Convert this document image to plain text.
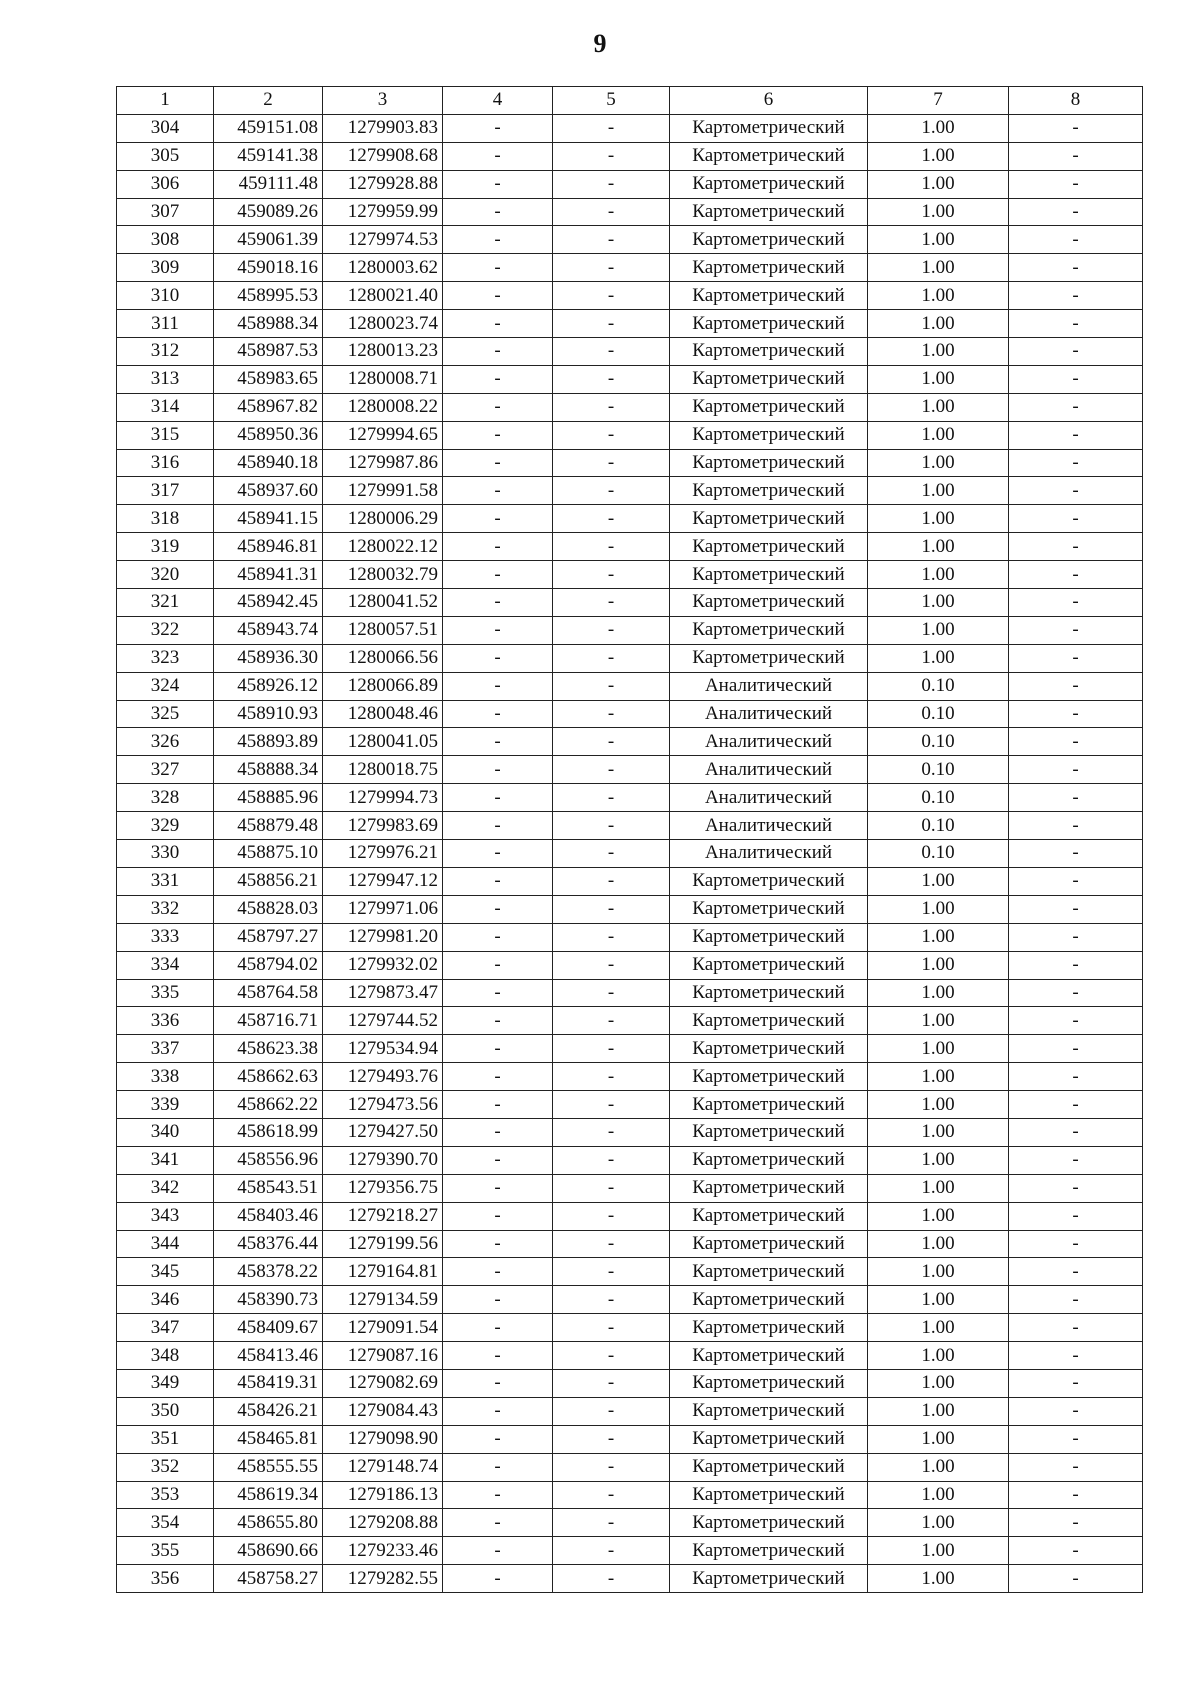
9
1	2	3	4	5	6	7	8
304	459151.08	1279903.83	-	-	Картометрический	1.00	-
305	459141.38	1279908.68	-	-	Картометрический	1.00	-
306	459111.48	1279928.88	-	-	Картометрический	1.00	-
307	459089.26	1279959.99	-	-	Картометрический	1.00	-
308	459061.39	1279974.53	-	-	Картометрический	1.00	-
309	459018.16	1280003.62	-	-	Картометрический	1.00	-
310	458995.53	1280021.40	-	-	Картометрический	1.00	-
311	458988.34	1280023.74	-	-	Картометрический	1.00	-
312	458987.53	1280013.23	-	-	Картометрический	1.00	-
313	458983.65	1280008.71	-	-	Картометрический	1.00	-
314	458967.82	1280008.22	-	-	Картометрический	1.00	-
315	458950.36	1279994.65	-	-	Картометрический	1.00	-
316	458940.18	1279987.86	-	-	Картометрический	1.00	-
317	458937.60	1279991.58	-	-	Картометрический	1.00	-
318	458941.15	1280006.29	-	-	Картометрический	1.00	-
319	458946.81	1280022.12	-	-	Картометрический	1.00	-
320	458941.31	1280032.79	-	-	Картометрический	1.00	-
321	458942.45	1280041.52	-	-	Картометрический	1.00	-
322	458943.74	1280057.51	-	-	Картометрический	1.00	-
323	458936.30	1280066.56	-	-	Картометрический	1.00	-
324	458926.12	1280066.89	-	-	Аналитический	0.10	-
325	458910.93	1280048.46	-	-	Аналитический	0.10	-
326	458893.89	1280041.05	-	-	Аналитический	0.10	-
327	458888.34	1280018.75	-	-	Аналитический	0.10	-
328	458885.96	1279994.73	-	-	Аналитический	0.10	-
329	458879.48	1279983.69	-	-	Аналитический	0.10	-
330	458875.10	1279976.21	-	-	Аналитический	0.10	-
331	458856.21	1279947.12	-	-	Картометрический	1.00	-
332	458828.03	1279971.06	-	-	Картометрический	1.00	-
333	458797.27	1279981.20	-	-	Картометрический	1.00	-
334	458794.02	1279932.02	-	-	Картометрический	1.00	-
335	458764.58	1279873.47	-	-	Картометрический	1.00	-
336	458716.71	1279744.52	-	-	Картометрический	1.00	-
337	458623.38	1279534.94	-	-	Картометрический	1.00	-
338	458662.63	1279493.76	-	-	Картометрический	1.00	-
339	458662.22	1279473.56	-	-	Картометрический	1.00	-
340	458618.99	1279427.50	-	-	Картометрический	1.00	-
341	458556.96	1279390.70	-	-	Картометрический	1.00	-
342	458543.51	1279356.75	-	-	Картометрический	1.00	-
343	458403.46	1279218.27	-	-	Картометрический	1.00	-
344	458376.44	1279199.56	-	-	Картометрический	1.00	-
345	458378.22	1279164.81	-	-	Картометрический	1.00	-
346	458390.73	1279134.59	-	-	Картометрический	1.00	-
347	458409.67	1279091.54	-	-	Картометрический	1.00	-
348	458413.46	1279087.16	-	-	Картометрический	1.00	-
349	458419.31	1279082.69	-	-	Картометрический	1.00	-
350	458426.21	1279084.43	-	-	Картометрический	1.00	-
351	458465.81	1279098.90	-	-	Картометрический	1.00	-
352	458555.55	1279148.74	-	-	Картометрический	1.00	-
353	458619.34	1279186.13	-	-	Картометрический	1.00	-
354	458655.80	1279208.88	-	-	Картометрический	1.00	-
355	458690.66	1279233.46	-	-	Картометрический	1.00	-
356	458758.27	1279282.55	-	-	Картометрический	1.00	-
